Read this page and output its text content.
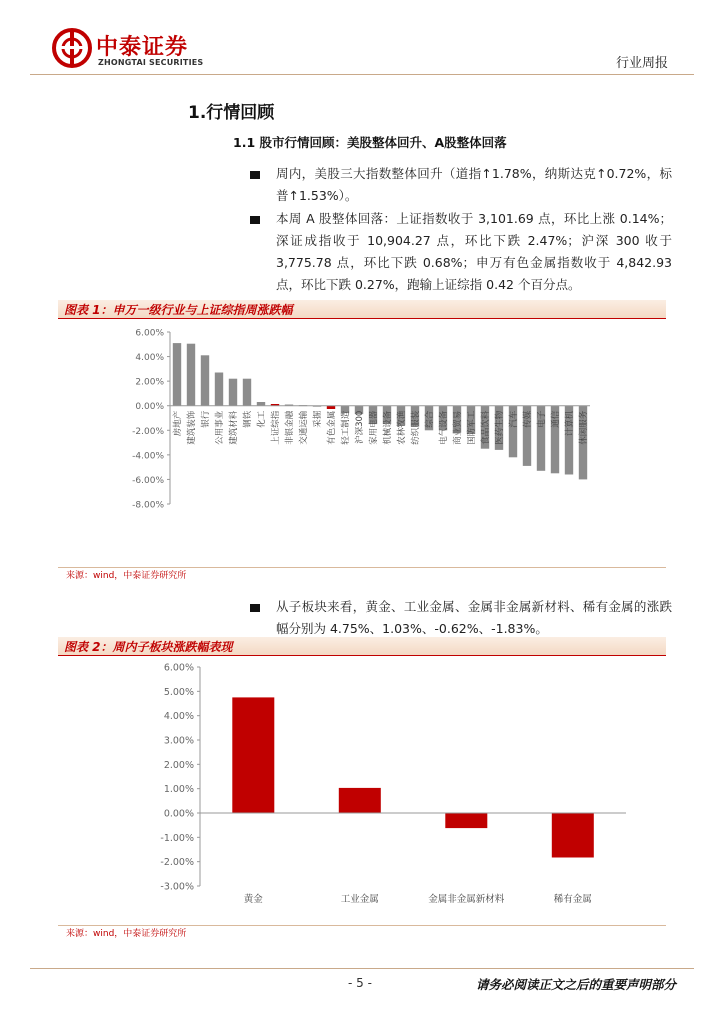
中泰证券
ZHONGTAI SECURITIES	行业周报
1.行情回顾
1.1 股市行情回顾：美股整体回升、A股整体回落
周内，美股三大指数整体回升（道指↑1.78%，纳斯达克↑0.72%，标普↑1.53%）。
本周 A 股整体回落：上证指数收于 3,101.69 点，环比上涨 0.14%；深证成指收于 10,904.27 点，环比下跌 2.47%；沪深 300 收于 3,775.78 点，环比下跌 0.68%；申万有色金属指数收于 4,842.93 点，环比下跌 0.27%，跑输上证综指 0.42 个百分点。
图表 1：申万一级行业与上证综指周涨跌幅
6.00%
4.00%
2.00%
0.00%
-2.00%
-4.00%
-6.00%
-8.00%
房地产 建筑装饰 银行 公用事业 建筑材料 钢铁 化工 上证综指 非银金融 交通运输 采掘 有色金属 轻工制造 沪深300 家用电器 机械设备 农林牧渔 纺织服装 综合 电气设备 商业贸易 国防军工 食品饮料 医药生物 汽车 传媒 电子 通信 计算机 休闲服务
来源：wind，中泰证券研究所
从子板块来看，黄金、工业金属、金属非金属新材料、稀有金属的涨跌幅分别为 4.75%、1.03%、-0.62%、-1.83%。
图表 2：周内子板块涨跌幅表现
6.00%
5.00%
4.00%
3.00%
2.00%
1.00%
0.00%
-1.00%
-2.00%
-3.00%
黄金	工业金属	金属非金属新材料	稀有金属
来源：wind，中泰证券研究所
- 5 -	请务必阅读正文之后的重要声明部分
